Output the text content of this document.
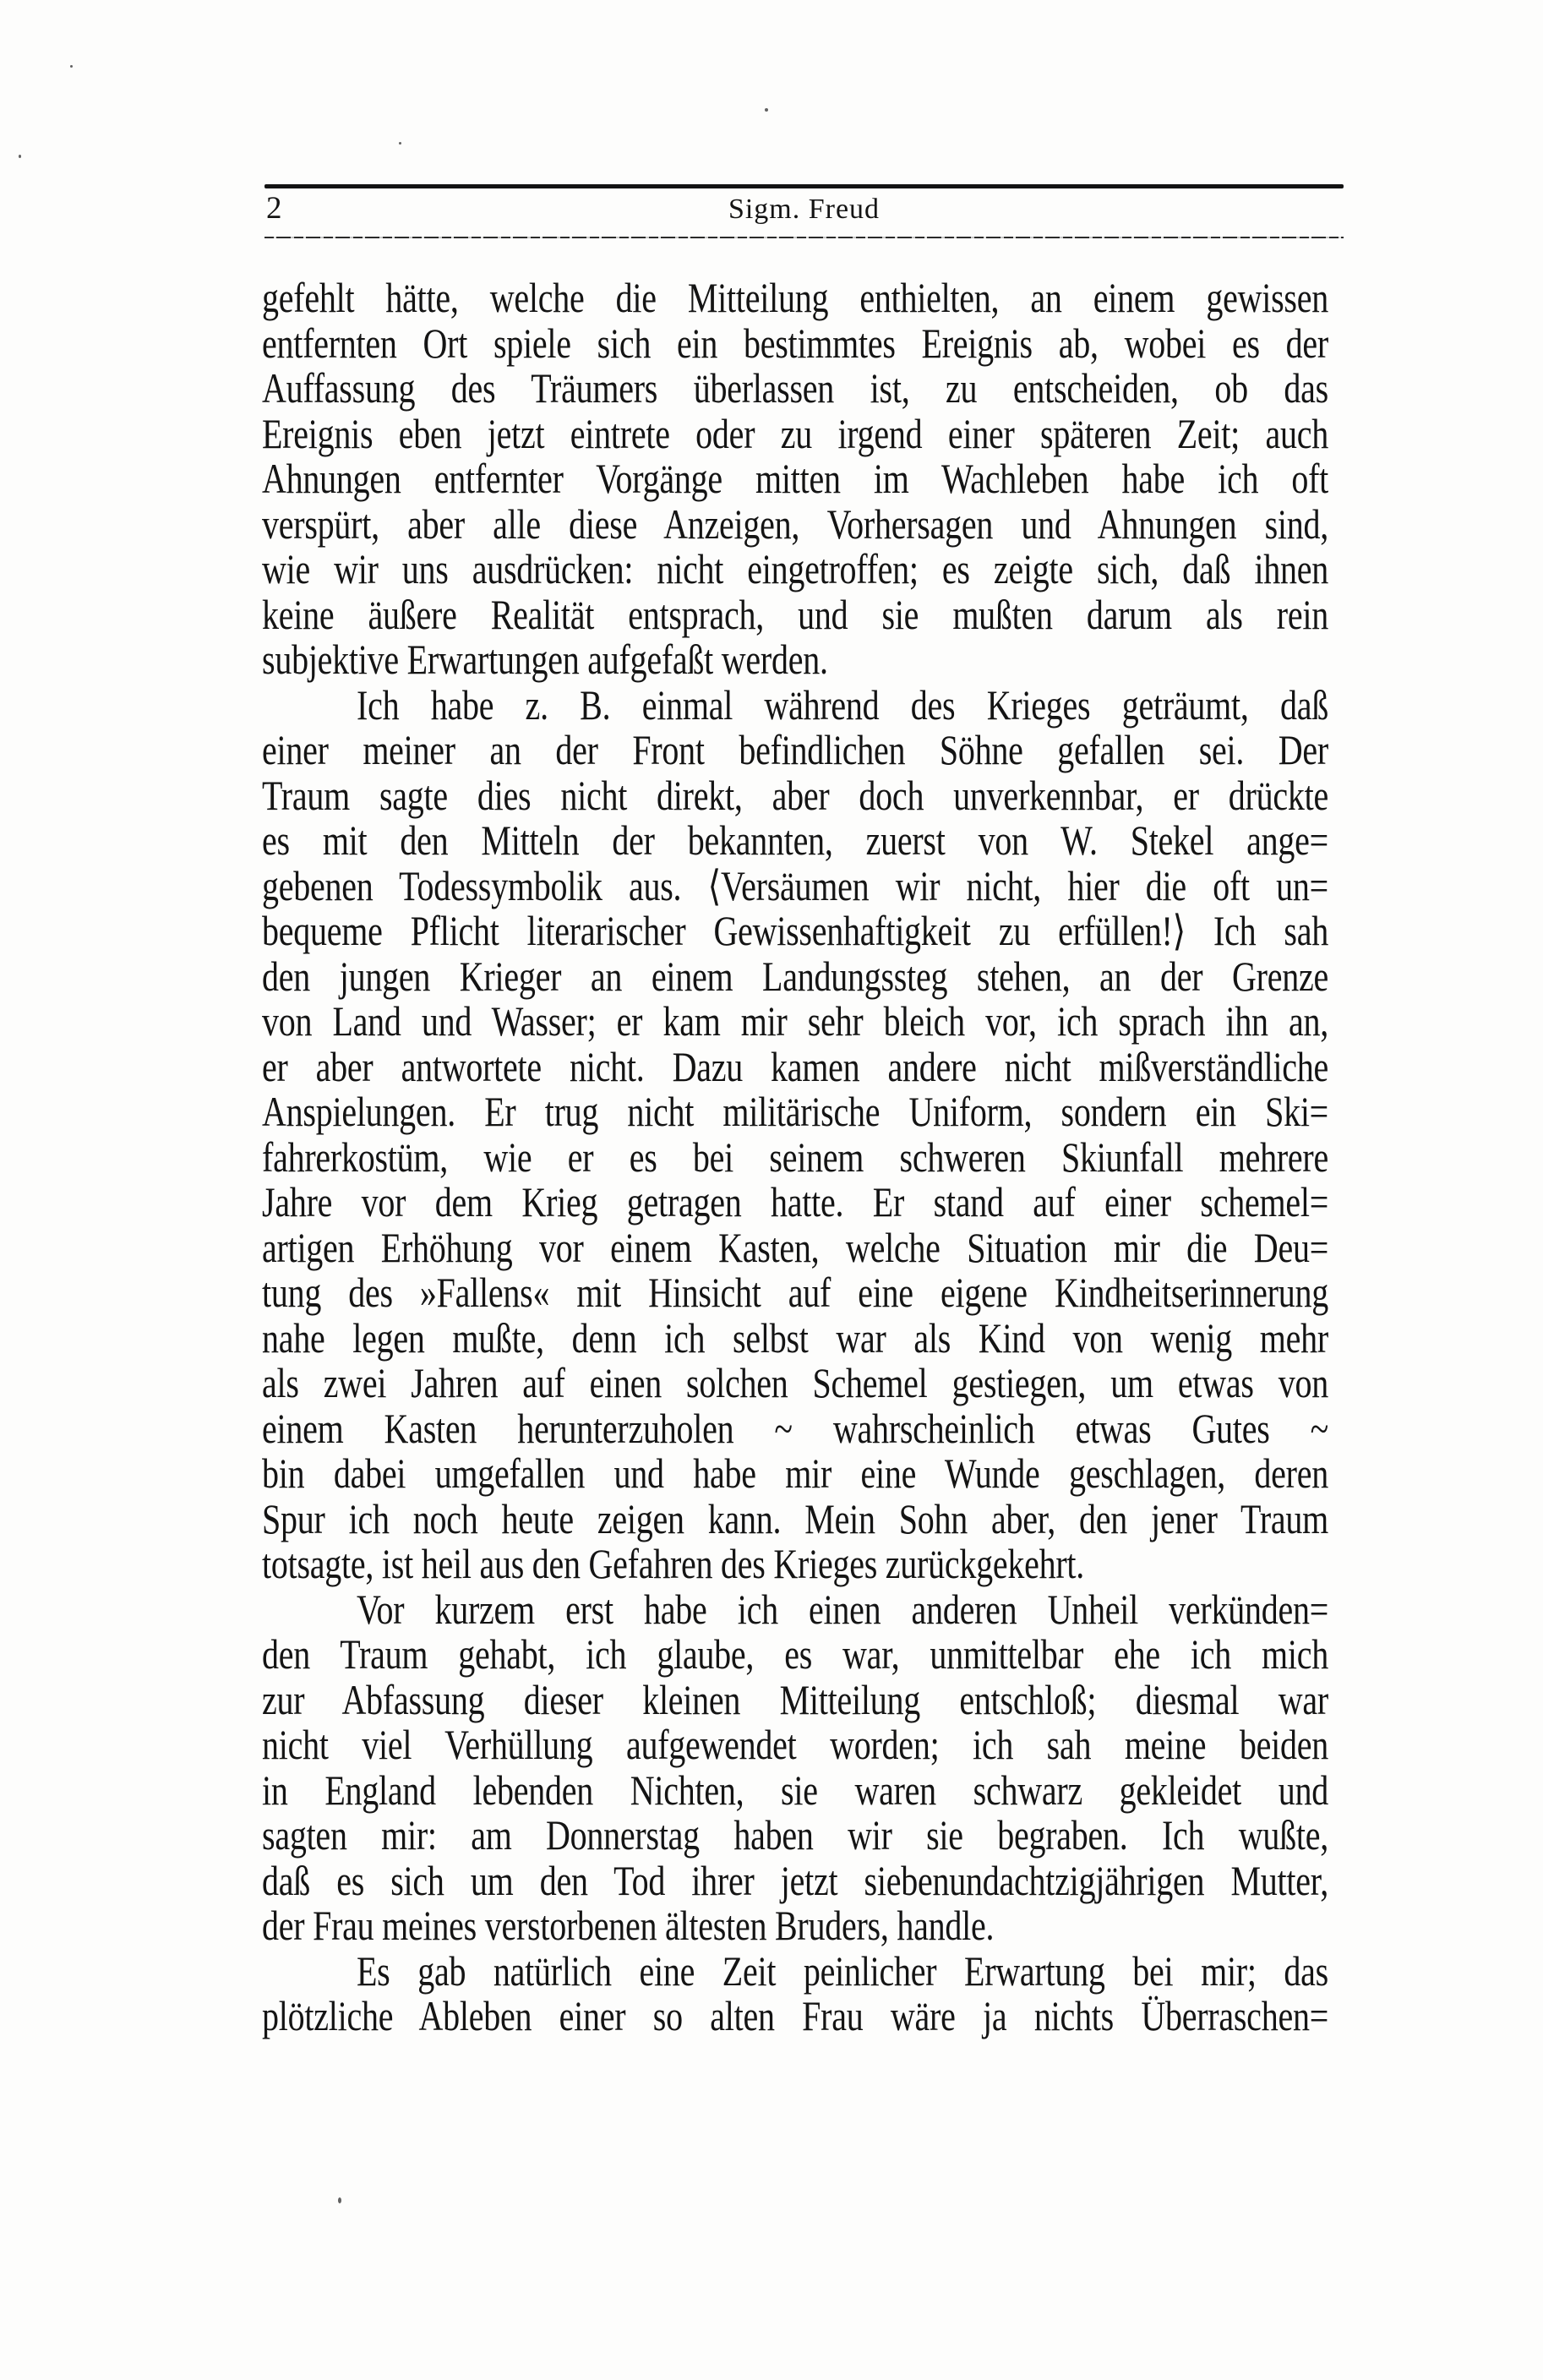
2	Sigm. Freud
gefehlt hätte, welche die Mitteilung enthielten, an einem gewissen
entfernten Ort spiele sich ein bestimmtes Ereignis ab, wobei es der
Auffassung des Träumers überlassen ist, zu entscheiden, ob das
Ereignis eben jetzt eintrete oder zu irgend einer späteren Zeit; auch
Ahnungen entfernter Vorgänge mitten im Wachleben habe ich oft
verspürt, aber alle diese Anzeigen, Vorhersagen und Ahnungen sind,
wie wir uns ausdrücken: nicht eingetroffen; es zeigte sich, daß ihnen
keine äußere Realität entsprach, und sie mußten darum als rein
subjektive Erwartungen aufgefaßt werden.
Ich habe z. B. einmal während des Krieges geträumt, daß
einer meiner an der Front befindlichen Söhne gefallen sei. Der
Traum sagte dies nicht direkt, aber doch unverkennbar, er drückte
es mit den Mitteln der bekannten, zuerst von W. Stekel ange=
gebenen Todessymbolik aus. ⟨Versäumen wir nicht, hier die oft un=
bequeme Pflicht literarischer Gewissenhaftigkeit zu erfüllen!⟩ Ich sah
den jungen Krieger an einem Landungssteg stehen, an der Grenze
von Land und Wasser; er kam mir sehr bleich vor, ich sprach ihn an,
er aber antwortete nicht. Dazu kamen andere nicht mißverständliche
Anspielungen. Er trug nicht militärische Uniform, sondern ein Ski=
fahrerkostüm, wie er es bei seinem schweren Skiunfall mehrere
Jahre vor dem Krieg getragen hatte. Er stand auf einer schemel=
artigen Erhöhung vor einem Kasten, welche Situation mir die Deu=
tung des »Fallens« mit Hinsicht auf eine eigene Kindheitserinnerung
nahe legen mußte, denn ich selbst war als Kind von wenig mehr
als zwei Jahren auf einen solchen Schemel gestiegen, um etwas von
einem Kasten herunterzuholen ~ wahrscheinlich etwas Gutes ~
bin dabei umgefallen und habe mir eine Wunde geschlagen, deren
Spur ich noch heute zeigen kann. Mein Sohn aber, den jener Traum
totsagte, ist heil aus den Gefahren des Krieges zurückgekehrt.
Vor kurzem erst habe ich einen anderen Unheil verkünden=
den Traum gehabt, ich glaube, es war, unmittelbar ehe ich mich
zur Abfassung dieser kleinen Mitteilung entschloß; diesmal war
nicht viel Verhüllung aufgewendet worden; ich sah meine beiden
in England lebenden Nichten, sie waren schwarz gekleidet und
sagten mir: am Donnerstag haben wir sie begraben. Ich wußte,
daß es sich um den Tod ihrer jetzt siebenundachtzigjährigen Mutter,
der Frau meines verstorbenen ältesten Bruders, handle.
Es gab natürlich eine Zeit peinlicher Erwartung bei mir; das
plötzliche Ableben einer so alten Frau wäre ja nichts Überraschen=
